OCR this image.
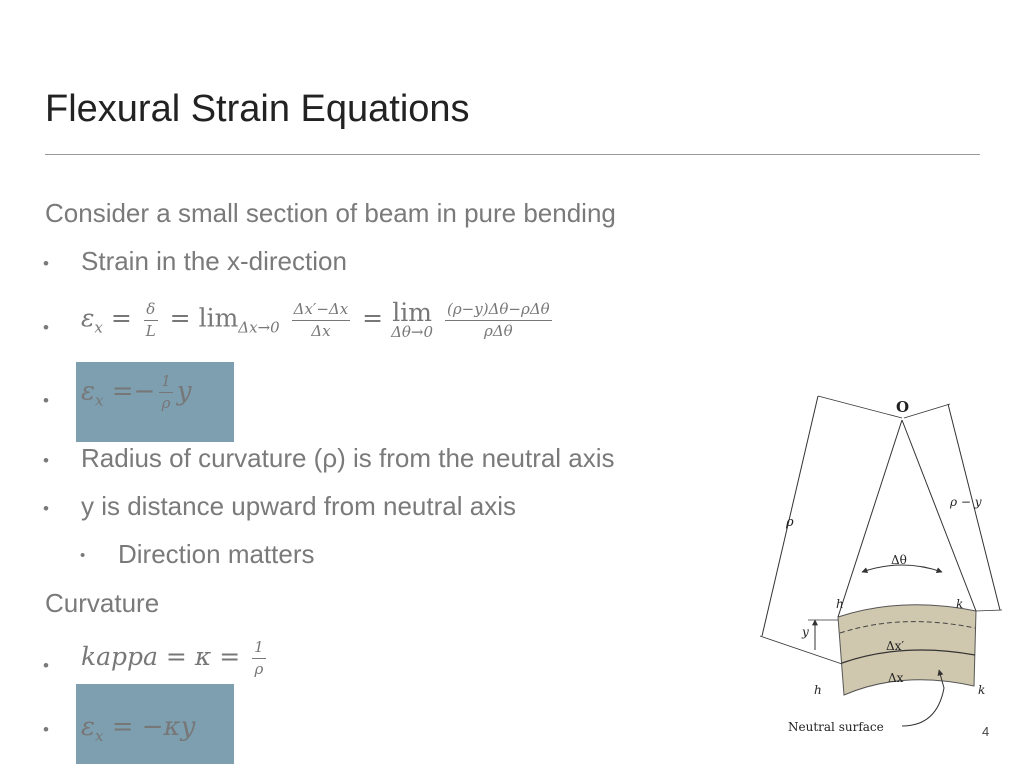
Flexural Strain Equations
Consider a small section of beam in pure bending
• Strain in the x-direction
• $\varepsilon_x = \frac{\delta}{L} = \lim_{\Delta x\to 0} \frac{\Delta x'-\Delta x}{\Delta x} = \lim$
Δθ→0
$\frac{\text{(ρ−y)Δθ−ρΔθ}}{\text{ρΔθ}}$
• $\varepsilon_x =- \frac{1}{\rho}$ y
• Radius of curvature (ρ) is from the neutral axis
• y is distance upward from neutral axis
• Direction matters
Curvature
• kappa = $\kappa = \frac{1}{\rho}$
• $\varepsilon_x = -\kappa y$
O
ρ
ρ − y
Δθ
h	k
y
Δx′
Δx
h	k
Neutral surface	4
